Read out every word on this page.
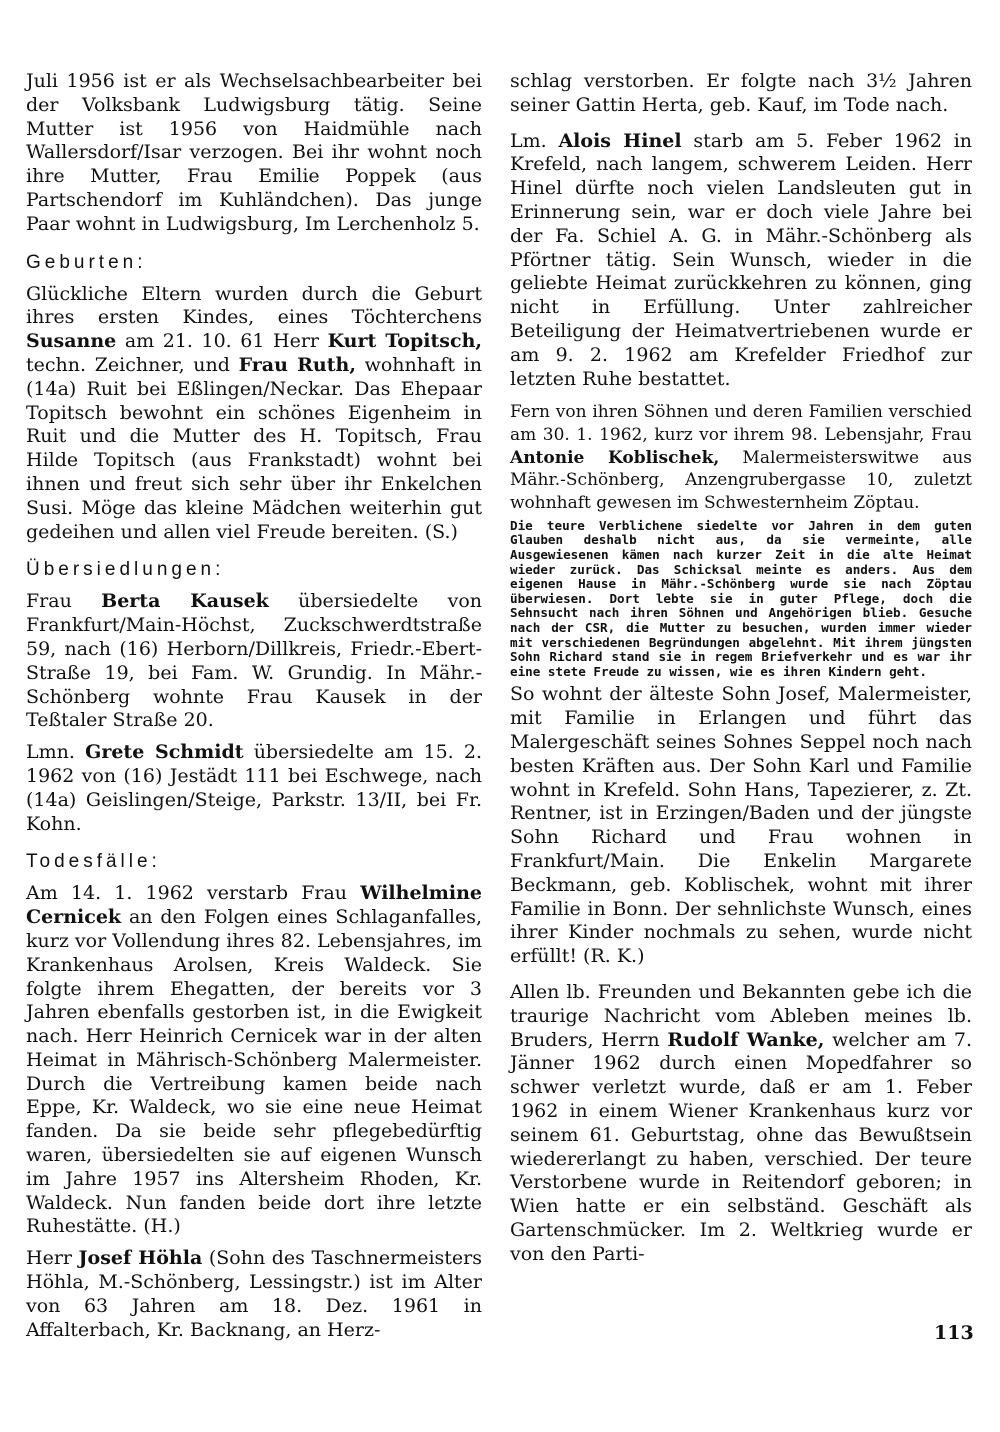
Juli 1956 ist er als Wechselsachbearbeiter bei der Volksbank Ludwigsburg tätig. Seine Mutter ist 1956 von Haidmühle nach Wallersdorf/Isar verzogen. Bei ihr wohnt noch ihre Mutter, Frau Emilie Poppek (aus Partschendorf im Kuhländchen). Das junge Paar wohnt in Ludwigsburg, Im Lerchenholz 5.

Geburten:

Glückliche Eltern wurden durch die Geburt ihres ersten Kindes, eines Töchterchens Susanne am 21. 10. 61 Herr Kurt Topitsch, techn. Zeichner, und Frau Ruth, wohnhaft in (14a) Ruit bei Eßlingen/Neckar. Das Ehepaar Topitsch bewohnt ein schönes Eigenheim in Ruit und die Mutter des H. Topitsch, Frau Hilde Topitsch (aus Frankstadt) wohnt bei ihnen und freut sich sehr über ihr Enkelchen Susi. Möge das kleine Mädchen weiterhin gut gedeihen und allen viel Freude bereiten. (S.)

Übersiedlungen:

Frau Berta Kausek übersiedelte von Frankfurt/Main-Höchst, Zuckschwerdtstraße 59, nach (16) Herborn/Dillkreis, Friedr.-Ebert-Straße 19, bei Fam. W. Grundig. In Mähr.-Schönberg wohnte Frau Kausek in der Teßtaler Straße 20.

Lmn. Grete Schmidt übersiedelte am 15. 2. 1962 von (16) Jestädt 111 bei Eschwege, nach (14a) Geislingen/Steige, Parkstr. 13/II, bei Fr. Kohn.

Todesfälle:

Am 14. 1. 1962 verstarb Frau Wilhelmine Cernicek an den Folgen eines Schlaganfalles, kurz vor Vollendung ihres 82. Lebensjahres, im Krankenhaus Arolsen, Kreis Waldeck. Sie folgte ihrem Ehegatten, der bereits vor 3 Jahren ebenfalls gestorben ist, in die Ewigkeit nach. Herr Heinrich Cernicek war in der alten Heimat in Mährisch-Schönberg Malermeister. Durch die Vertreibung kamen beide nach Eppe, Kr. Waldeck, wo sie eine neue Heimat fanden. Da sie beide sehr pflegebedürftig waren, übersiedelten sie auf eigenen Wunsch im Jahre 1957 ins Altersheim Rhoden, Kr. Waldeck. Nun fanden beide dort ihre letzte Ruhestätte. (H.)

Herr Josef Höhla (Sohn des Taschnermeisters Höhla, M.-Schönberg, Lessingstr.) ist im Alter von 63 Jahren am 18. Dez. 1961 in Affalterbach, Kr. Backnang, an Herz-

schlag verstorben. Er folgte nach 3½ Jahren seiner Gattin Herta, geb. Kauf, im Tode nach.

Lm. Alois Hinel starb am 5. Feber 1962 in Krefeld, nach langem, schwerem Leiden. Herr Hinel dürfte noch vielen Landsleuten gut in Erinnerung sein, war er doch viele Jahre bei der Fa. Schiel A. G. in Mähr.-Schönberg als Pförtner tätig. Sein Wunsch, wieder in die geliebte Heimat zurückkehren zu können, ging nicht in Erfüllung. Unter zahlreicher Beteiligung der Heimatvertriebenen wurde er am 9. 2. 1962 am Krefelder Friedhof zur letzten Ruhe bestattet.

Fern von ihren Söhnen und deren Familien verschied am 30. 1. 1962, kurz vor ihrem 98. Lebensjahr, Frau Antonie Koblischek, Malermeisterswitwe aus Mähr.-Schönberg, Anzengrubergasse 10, zuletzt wohnhaft gewesen im Schwesternheim Zöptau.

Die teure Verblichene siedelte vor Jahren in dem guten Glauben deshalb nicht aus, da sie vermeinte, alle Ausgewiesenen kämen nach kurzer Zeit in die alte Heimat wieder zurück. Das Schicksal meinte es anders. Aus dem eigenen Hause in Mähr.-Schönberg wurde sie nach Zöptau überwiesen. Dort lebte sie in guter Pflege, doch die Sehnsucht nach ihren Söhnen und Angehörigen blieb. Gesuche nach der CSR, die Mutter zu besuchen, wurden immer wieder mit verschiedenen Begründungen abgelehnt. Mit ihrem jüngsten Sohn Richard stand sie in regem Briefverkehr und es war ihr eine stete Freude zu wissen, wie es ihren Kindern geht.

So wohnt der älteste Sohn Josef, Malermeister, mit Familie in Erlangen und führt das Malergeschäft seines Sohnes Seppel noch nach besten Kräften aus. Der Sohn Karl und Familie wohnt in Krefeld. Sohn Hans, Tapezierer, z. Zt. Rentner, ist in Erzingen/Baden und der jüngste Sohn Richard und Frau wohnen in Frankfurt/Main. Die Enkelin Margarete Beckmann, geb. Koblischek, wohnt mit ihrer Familie in Bonn. Der sehnlichste Wunsch, eines ihrer Kinder nochmals zu sehen, wurde nicht erfüllt! (R. K.)

Allen lb. Freunden und Bekannten gebe ich die traurige Nachricht vom Ableben meines lb. Bruders, Herrn Rudolf Wanke, welcher am 7. Jänner 1962 durch einen Mopedfahrer so schwer verletzt wurde, daß er am 1. Feber 1962 in einem Wiener Krankenhaus kurz vor seinem 61. Geburtstag, ohne das Bewußtsein wiedererlangt zu haben, verschied. Der teure Verstorbene wurde in Reitendorf geboren; in Wien hatte er ein selbständ. Geschäft als Gartenschmücker. Im 2. Weltkrieg wurde er von den Parti-

113
